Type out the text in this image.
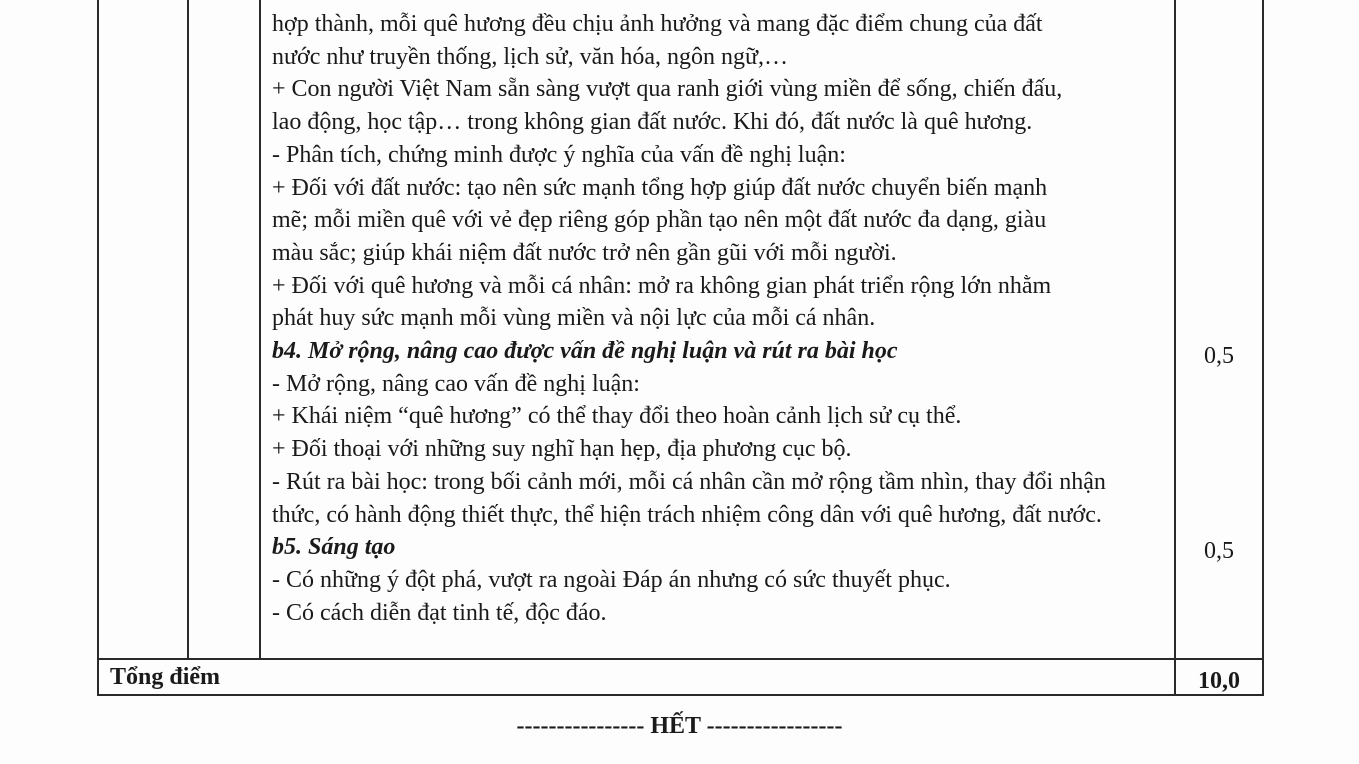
hợp thành, mỗi quê hương đều chịu ảnh hưởng và mang đặc điểm chung của đất

nước như truyền thống, lịch sử, văn hóa, ngôn ngữ,…

+ Con người Việt Nam sẵn sàng vượt qua ranh giới vùng miền để sống, chiến đấu,

lao động, học tập… trong không gian đất nước. Khi đó, đất nước là quê hương.

- Phân tích, chứng minh được ý nghĩa của vấn đề nghị luận:

+ Đối với đất nước: tạo nên sức mạnh tổng hợp giúp đất nước chuyển biến mạnh

mẽ; mỗi miền quê với vẻ đẹp riêng góp phần tạo nên một đất nước đa dạng, giàu

màu sắc; giúp khái niệm đất nước trở nên gần gũi với mỗi người.

+ Đối với quê hương và mỗi cá nhân: mở ra không gian phát triển rộng lớn nhằm

phát huy sức mạnh mỗi vùng miền và nội lực của mỗi cá nhân.

b4. Mở rộng, nâng cao được vấn đề nghị luận và rút ra bài học

- Mở rộng, nâng cao vấn đề nghị luận:

+ Khái niệm “quê hương” có thể thay đổi theo hoàn cảnh lịch sử cụ thể.

+ Đối thoại với những suy nghĩ hạn hẹp, địa phương cục bộ.

- Rút ra bài học: trong bối cảnh mới, mỗi cá nhân cần mở rộng tầm nhìn, thay đổi nhận

thức, có hành động thiết thực, thể hiện trách nhiệm công dân với quê hương, đất nước.

b5. Sáng tạo

- Có những ý đột phá, vượt ra ngoài Đáp án nhưng có sức thuyết phục.

- Có cách diễn đạt tinh tế, độc đáo.

0,5
0,5
Tổng điểm	10,0
---------------- HẾT -----------------
